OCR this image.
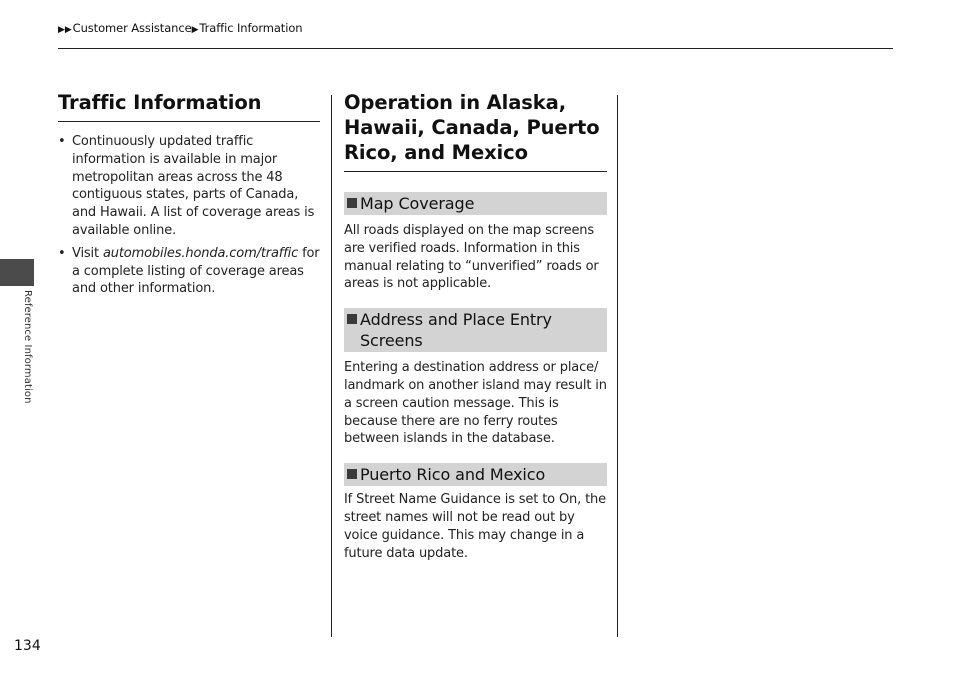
▶▶Customer Assistance▶Traffic Information
Reference Information
Traffic Information
• Continuously updated traffic information is available in major metropolitan areas across the 48 contiguous states, parts of Canada, and Hawaii. A list of coverage areas is available online.
• Visit automobiles.honda.com/traffic for a complete listing of coverage areas and other information.
Operation in Alaska, Hawaii, Canada, Puerto Rico, and Mexico
Map Coverage

All roads displayed on the map screens are verified roads. Information in this manual relating to “unverified” roads or areas is not applicable.

Address and Place Entry Screens

Entering a destination address or place/ landmark on another island may result in a screen caution message. This is because there are no ferry routes between islands in the database.

Puerto Rico and Mexico

If Street Name Guidance is set to On, the street names will not be read out by voice guidance. This may change in a future data update.

134
